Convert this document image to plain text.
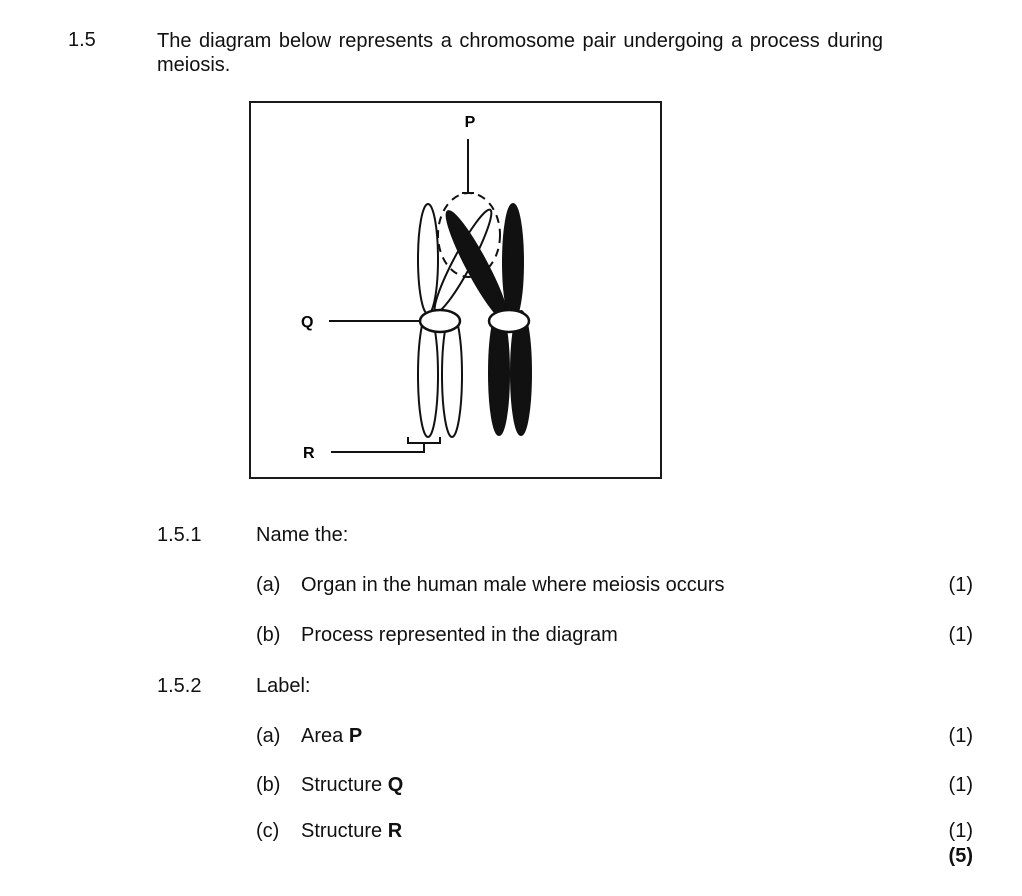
1.5	The diagram below represents a chromosome pair undergoing a process during meiosis.
P
Q
R
1.5.1	Name the:
(a) Organ in the human male where meiosis occurs	(1)
(b) Process represented in the diagram	(1)
1.5.2	Label:
(a) Area P	(1)
(b) Structure Q	(1)
(c) Structure R	(1)
(5)
